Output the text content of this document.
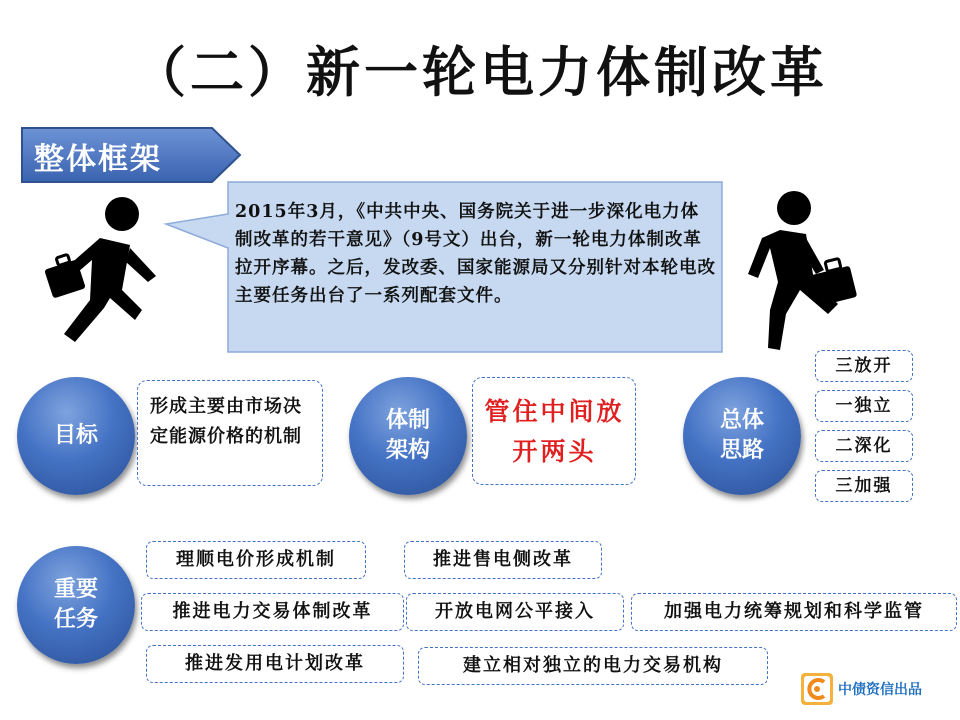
（二）新一轮电力体制改革
整体框架
2015年3月，《中共中央、国务院关于进一步深化电力体制改革的若干意见》（9号文）出台，新一轮电力体制改革拉开序幕。之后，发改委、国家能源局又分别针对本轮电改主要任务出台了一系列配套文件。
目标
形成主要由市场决定能源价格的机制
体制架构
管住中间放开两头
总体思路
三放开
一独立
二深化
三加强
重要任务
理顺电价形成机制	推进售电侧改革
推进电力交易体制改革	开放电网公平接入	加强电力统筹规划和科学监管
推进发用电计划改革	建立相对独立的电力交易机构
中债资信出品
